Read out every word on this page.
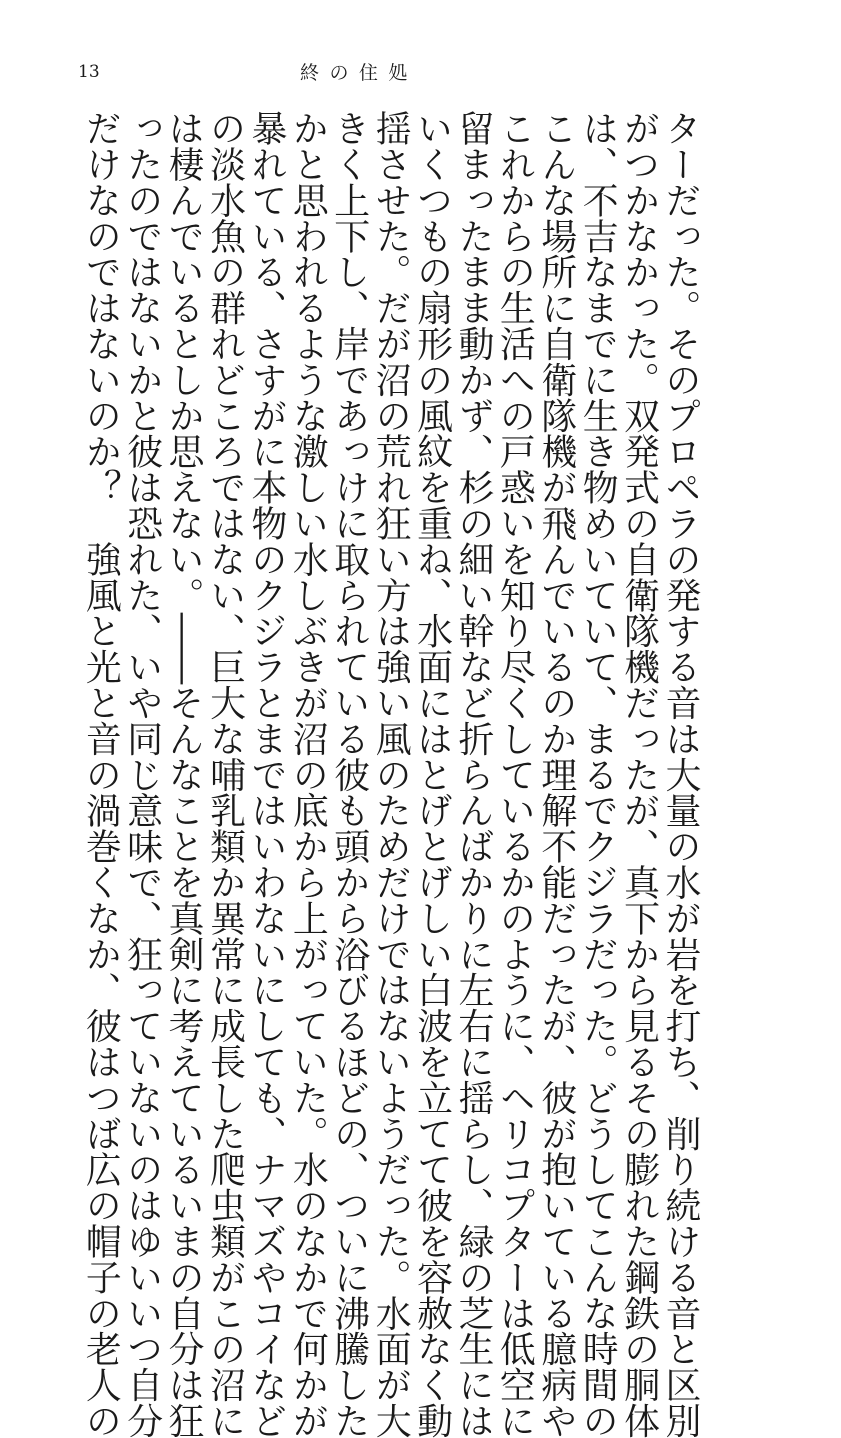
13	終の住処
ターだった。そのプロペラの発する音は大量の水が岩を打ち、削り続ける音と区別
がつかなかった。双発式の自衛隊機だったが、真下から見るその膨れた鋼鉄の胴体
は、不吉なまでに生き物めいていて、まるでクジラだった。どうしてこんな時間の
こんな場所に自衛隊機が飛んでいるのか理解不能だったが、彼が抱いている臆病や
これからの生活への戸惑いを知り尽くしているかのように、ヘリコプターは低空に
留まったまま動かず、杉の細い幹など折らんばかりに左右に揺らし、緑の芝生には
いくつもの扇形の風紋を重ね、水面にはとげとげしい白波を立てて彼を容赦なく動
揺させた。だが沼の荒れ狂い方は強い風のためだけではないようだった。水面が大
きく上下し、岸であっけに取られている彼も頭から浴びるほどの、ついに沸騰した
かと思われるような激しい水しぶきが沼の底から上がっていた。水のなかで何かが
暴れている、さすがに本物のクジラとまではいわないにしても、ナマズやコイなど
の淡水魚の群れどころではない、巨大な哺乳類か異常に成長した爬虫類がこの沼に
は棲んでいるとしか思えない。――そんなことを真剣に考えているいまの自分は狂
ったのではないかと彼は恐れた、いや同じ意味で、狂っていないのはゆいいつ自分
だけなのではないのか？　強風と光と音の渦巻くなか、彼はつば広の帽子の老人の
